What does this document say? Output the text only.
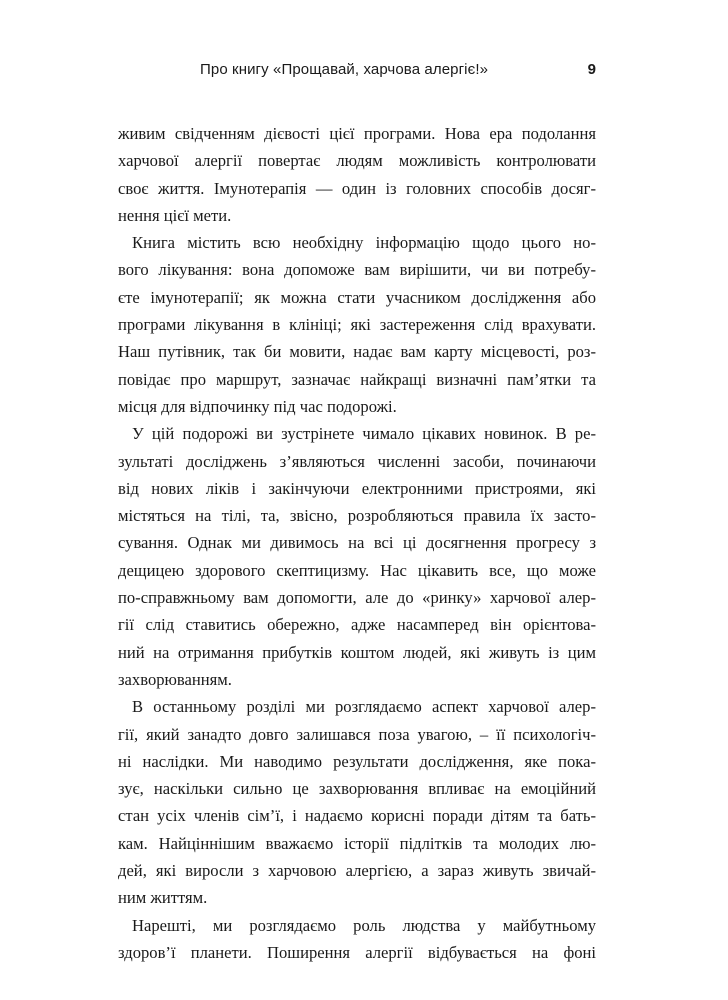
Про книгу «Прощавай, харчова алергіє!»	9

живим свідченням дієвості цієї програми. Нова ера подолання
харчової алергії повертає людям можливість контролювати
своє життя. Імунотерапія — один із головних способів досяг-
нення цієї мети.

Книга містить всю необхідну інформацію щодо цього но-
вого лікування: вона допоможе вам вирішити, чи ви потребу-
єте імунотерапії; як можна стати учасником дослідження або
програми лікування в клініці; які застереження слід врахувати.
Наш путівник, так би мовити, надає вам карту місцевості, роз-
повідає про маршрут, зазначає найкращі визначні пам’ятки та
місця для відпочинку під час подорожі.

У цій подорожі ви зустрінете чимало цікавих новинок. В ре-
зультаті досліджень з’являються численні засоби, починаючи
від нових ліків і закінчуючи електронними пристроями, які
містяться на тілі, та, звісно, розробляються правила їх засто-
сування. Однак ми дивимось на всі ці досягнення прогресу з
дещицею здорового скептицизму. Нас цікавить все, що може
по-справжньому вам допомогти, але до «ринку» харчової алер-
гії слід ставитись обережно, адже насамперед він орієнтова-
ний на отримання прибутків коштом людей, які живуть із цим
захворюванням.

В останньому розділі ми розглядаємо аспект харчової алер-
гії, який занадто довго залишався поза увагою, – її психологіч-
ні наслідки. Ми наводимо результати дослідження, яке пока-
зує, наскільки сильно це захворювання впливає на емоційний
стан усіх членів сім’ї, і надаємо корисні поради дітям та бать-
кам. Найціннішим вважаємо історії підлітків та молодих лю-
дей, які виросли з харчовою алергією, а зараз живуть звичай-
ним життям.

Нарешті, ми розглядаємо роль людства у майбутньому
здоров’ї планети. Поширення алергії відбувається на фоні
